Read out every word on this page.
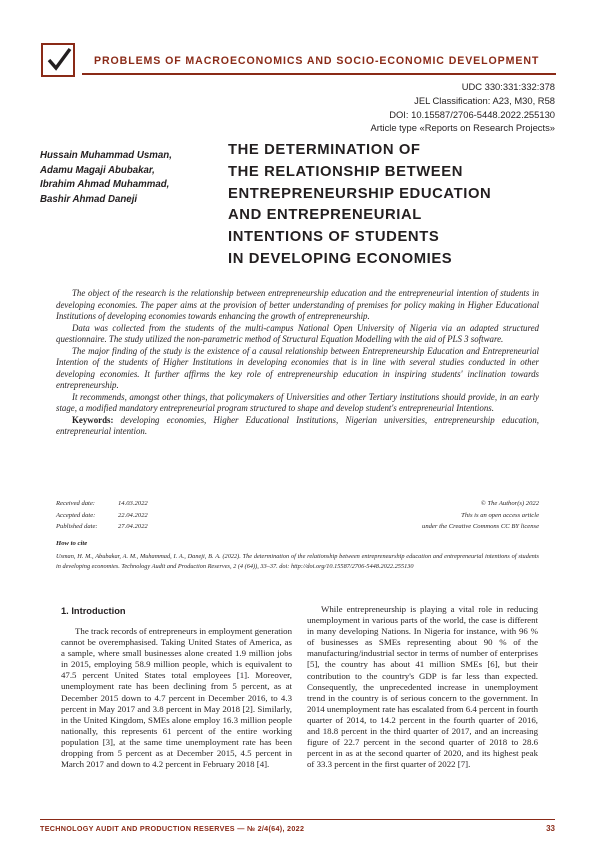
PROBLEMS OF MACROECONOMICS AND SOCIO-ECONOMIC DEVELOPMENT
UDC 330:331:332:378
JEL Classification: A23, M30, R58
DOI: 10.15587/2706-5448.2022.255130
Article type «Reports on Research Projects»
Hussain Muhammad Usman,
Adamu Magaji Abubakar,
Ibrahim Ahmad Muhammad,
Bashir Ahmad Daneji
THE DETERMINATION OF
THE RELATIONSHIP BETWEEN
ENTREPRENEURSHIP EDUCATION
AND ENTREPRENEURIAL
INTENTIONS OF STUDENTS
IN DEVELOPING ECONOMIES

The object of the research is the relationship between entrepreneurship education and the entrepreneurial intention of students in developing economies. The paper aims at the provision of better understanding of premises for policy making in Higher Educational Institutions of developing economies towards enhancing the growth of entrepreneurship.

Data was collected from the students of the multi-campus National Open University of Nigeria via an adapted structured questionnaire. The study utilized the non-parametric method of Structural Equation Modelling with the aid of PLS 3 software.

The major finding of the study is the existence of a causal relationship between Entrepreneurship Education and Entrepreneurial Intention of the students of Higher Institutions in developing economies that is in line with several studies conducted in other developing economies. It further affirms the key role of entrepreneurship education in inspiring students' inclination towards entrepreneurship.

It recommends, amongst other things, that policymakers of Universities and other Tertiary institutions should provide, in an early stage, a modified mandatory entrepreneurial program structured to shape and develop student's entrepreneurial Intentions.

Keywords: developing economies, Higher Educational Institutions, Nigerian universities, entrepreneurship education, entrepreneurial intention.

Received date:	14.03.2022
Accepted date:	22.04.2022
Published date:	27.04.2022
© The Author(s) 2022
This is an open access article
under the Creative Commons CC BY license
How to cite
Usman, H. M., Abubakar, A. M., Muhammad, I. A., Daneji, B. A. (2022). The determination of the relationship between entrepreneurship education and entrepreneurial intentions of students in developing economies. Technology Audit and Production Reserves, 2 (4 (64)), 33–37. doi: http://doi.org/10.15587/2706-5448.2022.255130
1. Introduction

The track records of entrepreneurs in employment generation cannot be overemphasised. Taking United States of America, as a sample, where small businesses alone created 1.9 million jobs in 2015, employing 58.9 million people, which is equivalent to 47.5 percent United States total employees [1]. Moreover, unemployment rate has been declining from 5 percent, as at December 2015 down to 4.7 percent in December 2016, to 4.3 percent in May 2017 and 3.8 percent in May 2018 [2]. Similarly, in the United Kingdom, SMEs alone employ 16.3 million people nationally, this represents 61 percent of the entire working population [3], at the same time unemployment rate has been dropping from 5 percent as at December 2015, 4.5 percent in March 2017 and down to 4.2 percent in February 2018 [4].

While entrepreneurship is playing a vital role in reducing unemployment in various parts of the world, the case is different in many developing Nations. In Nigeria for instance, with 96 % of businesses as SMEs representing about 90 % of the manufacturing/industrial sector in terms of number of enterprises [5], the country has about 41 million SMEs [6], but their contribution to the country's GDP is far less than expected. Consequently, the unprecedented increase in unemployment trend in the country is of serious concern to the government. In 2014 unemployment rate has escalated from 6.4 percent in fourth quarter of 2014, to 14.2 percent in the fourth quarter of 2016, and 18.8 percent in the third quarter of 2017, and an increasing figure of 22.7 percent in the second quarter of 2018 to 28.6 percent in as at the second quarter of 2020, and its highest peak of 33.3 percent in the first quarter of 2022 [7].

TECHNOLOGY AUDIT AND PRODUCTION RESERVES — № 2/4(64), 2022	33
